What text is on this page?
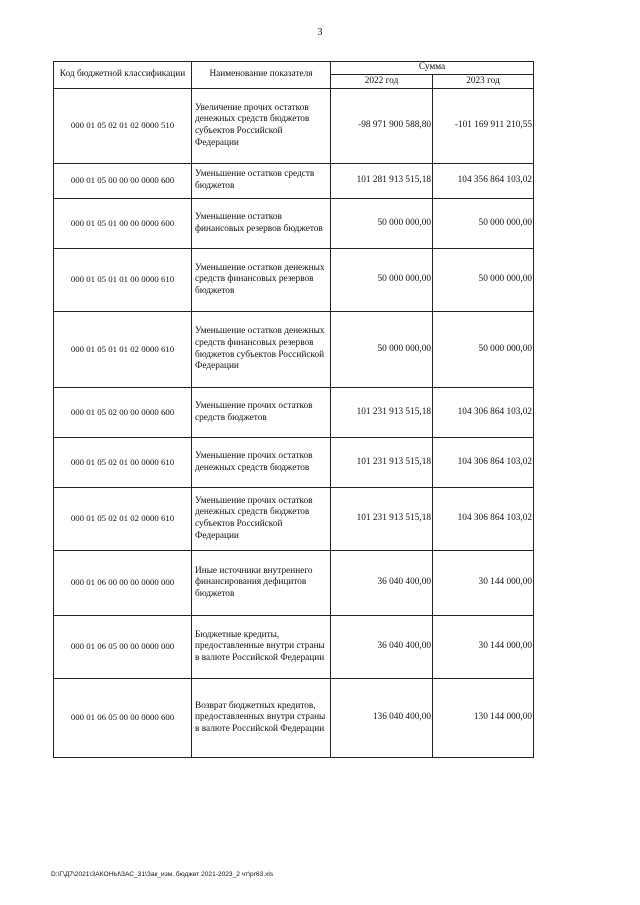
3
Код бюджетной классификации	Наименование показателя	Сумма	
		2022 год	2023 год
000 01 05 02 01 02 0000 510	Увеличение прочих остатков денежных средств бюджетов субъектов Российской Федерации	-98 971 900 588,80	-101 169 911 210,55
000 01 05 00 00 00 0000 600	Уменьшение остатков средств бюджетов	101 281 913 515,18	104 356 864 103,02
000 01 05 01 00 00 0000 600	Уменьшение остатков финансовых резервов бюджетов	50 000 000,00	50 000 000,00
000 01 05 01 01 00 0000 610	Уменьшение остатков денежных средств финансовых резервов бюджетов	50 000 000,00	50 000 000,00
000 01 05 01 01 02 0000 610	Уменьшение остатков денежных средств финансовых резервов бюджетов субъектов Российской Федерации	50 000 000,00	50 000 000,00
000 01 05 02 00 00 0000 600	Уменьшение прочих остатков средств бюджетов	101 231 913 515,18	104 306 864 103,02
000 01 05 02 01 00 0000 610	Уменьшение прочих остатков денежных средств бюджетов	101 231 913 515,18	104 306 864 103,02
000 01 05 02 01 02 0000 610	Уменьшение прочих остатков денежных средств бюджетов субъектов Российской Федерации	101 231 913 515,18	104 306 864 103,02
000 01 06 00 00 00 0000 000	Иные источники внутреннего финансирования дефицитов бюджетов	36 040 400,00	30 144 000,00
000 01 06 05 00 00 0000 000	Бюджетные кредиты, предоставленные внутри страны в валюте Российской Федерации	36 040 400,00	30 144 000,00
000 01 06 05 00 00 0000 600	Возврат бюджетных кредитов, предоставленных внутри страны в валюте Российской Федерации	136 040 400,00	130 144 000,00
D:\Г\Д7\2021\ЗАКОНЫ\ЗАС_31\Зак_изм. бюджет 2021-2023_2 чт\pr63.xls
